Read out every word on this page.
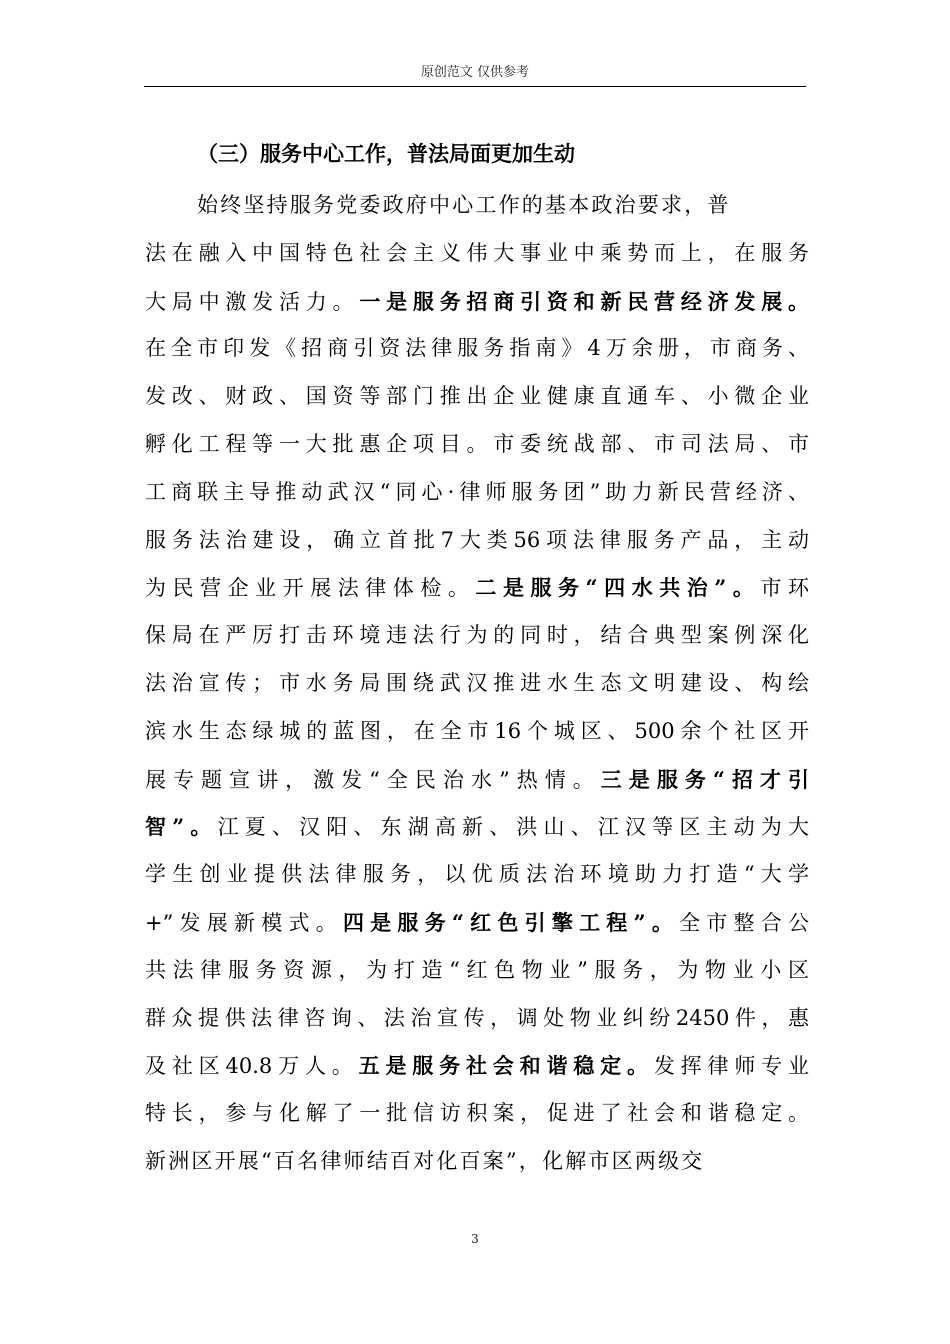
原创范文 仅供参考
（三）服务中心工作，普法局面更加生动
始终坚持服务党委政府中心工作的基本政治要求，普
法在融入中国特色社会主义伟大事业中乘势而上，在服务
大局中激发活力。一是服务招商引资和新民营经济发展。
在全市印发《招商引资法律服务指南》4万余册，市商务、
发改、财政、国资等部门推出企业健康直通车、小微企业
孵化工程等一大批惠企项目。市委统战部、市司法局、市
工商联主导推动武汉“同心·律师服务团”助力新民营经济、
服务法治建设，确立首批7大类56项法律服务产品，主动
为民营企业开展法律体检。二是服务“四水共治”。市环
保局在严厉打击环境违法行为的同时，结合典型案例深化
法治宣传；市水务局围绕武汉推进水生态文明建设、构绘
滨水生态绿城的蓝图，在全市16个城区、500余个社区开
展专题宣讲，激发“全民治水”热情。三是服务“招才引
智”。江夏、汉阳、东湖高新、洪山、江汉等区主动为大
学生创业提供法律服务，以优质法治环境助力打造“大学
+”发展新模式。四是服务“红色引擎工程”。全市整合公
共法律服务资源，为打造“红色物业”服务，为物业小区
群众提供法律咨询、法治宣传，调处物业纠纷2450件，惠
及社区40.8万人。五是服务社会和谐稳定。发挥律师专业
特长，参与化解了一批信访积案，促进了社会和谐稳定。
新洲区开展“百名律师结百对化百案”，化解市区两级交
3
